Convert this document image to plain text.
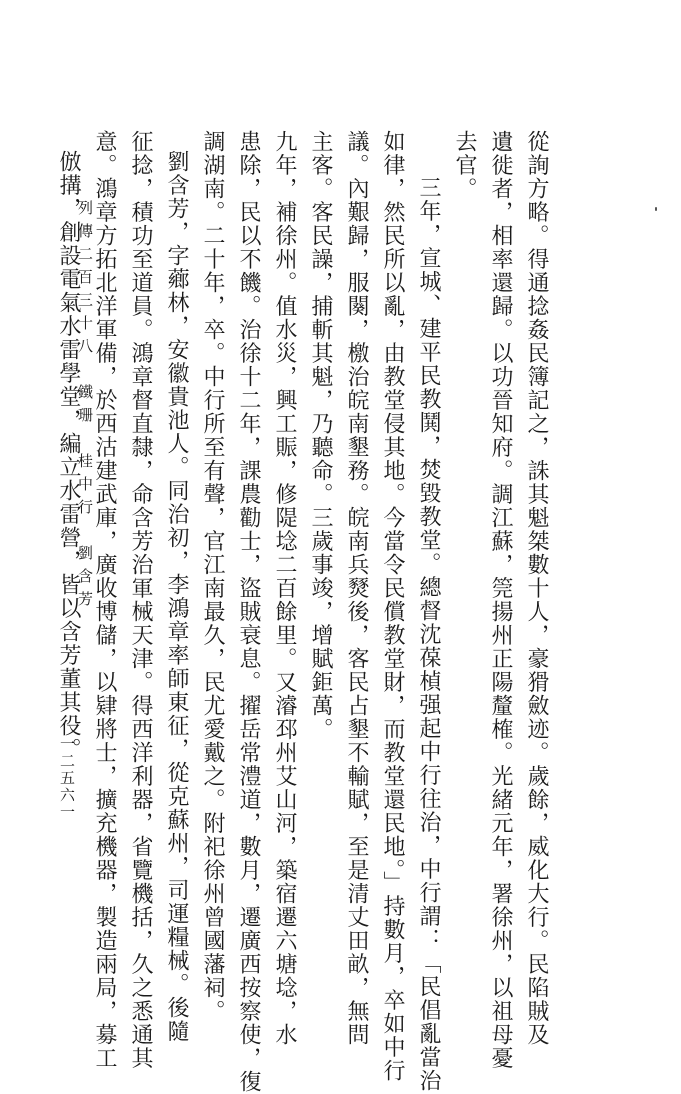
從詢方略。得通捻姦民簿記之，誅其魁桀數十人，豪猾斂迹。歲餘，威化大行。民陷賊及
遺徙者，相率還歸。以功晉知府。調江蘇，筦揚州正陽釐榷。光緒元年，署徐州，以祖母憂
去官。
三年，宣城、建平民教鬨，焚毀教堂。總督沈葆楨强起中行往治，中行謂：「民倡亂當治
如律，然民所以亂，由教堂侵其地。今當令民償教堂財，而教堂還民地。」持數月，卒如中行
議。內艱歸，服闋，檄治皖南墾務。皖南兵燹後，客民占墾不輸賦，至是清丈田畝，無問
主客。客民譟，捕斬其魁，乃聽命。三歲事竣，增賦鉅萬。
九年，補徐州。值水災，興工賑，修隄埝二百餘里。又濬邳州艾山河，築宿遷六塘埝，水
患除，民以不饑。治徐十二年，課農勸士，盜賊衰息。擢岳常澧道，數月，遷廣西按察使，復
調湖南。二十年，卒。中行所至有聲，官江南最久，民尤愛戴之。附祀徐州曾國藩祠。
劉含芳，字薌林，安徽貴池人。同治初，李鴻章率師東征，從克蘇州，司運糧械。後隨
征捻，積功至道員。鴻章督直隸，命含芳治軍械天津。得西洋利器，省覽機括，久之悉通其
意。鴻章方拓北洋軍備，於西沽建武庫，廣收博儲，以肄將士，擴充機器，製造兩局，募工
倣搆，創設電氣水雷學堂，編立水雷營，皆以含芳董其役。
列傳二百三十八　鐵珊　桂中行　劉含芳
一二五六一
